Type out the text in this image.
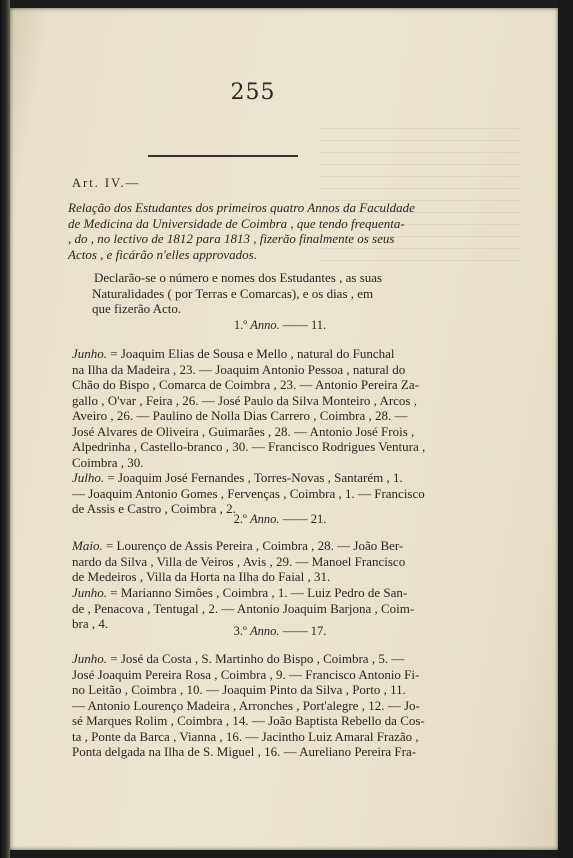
255
Art. IV.—
Relação dos Estudantes dos primeiros quatro Annos da Faculdade
de Medicina da Universidade de Coimbra , que tendo frequenta-
, do , no lectivo de 1812 para 1813 , fizerão finalmente os seus
Actos , e ficárão n'elles approvados.
Declarão-se o número e nomes dos Estudantes , as suas
Naturalidades ( por Terras e Comarcas), e os dias , em
que fizerão Acto.
1.º Anno. —— 11.
Junho. = Joaquim Elias de Sousa e Mello , natural do Funchal
na Ilha da Madeira , 23. — Joaquim Antonio Pessoa , natural do
Chão do Bispo , Comarca de Coimbra , 23. — Antonio Pereira Za-
gallo , O'var , Feira , 26. — José Paulo da Silva Monteiro , Arcos ,
Aveiro , 26. — Paulino de Nolla Dias Carrero , Coimbra , 28. —
José Alvares de Oliveira , Guimarães , 28. — Antonio José Frois ,
Alpedrinha , Castello-branco , 30. — Francisco Rodrigues Ventura ,
Coimbra , 30.
Julho. = Joaquim José Fernandes , Torres-Novas , Santarém , 1.
— Joaquim Antonio Gomes , Fervenças , Coimbra , 1. — Francisco
de Assis e Castro , Coimbra , 2.
2.º Anno. —— 21.
Maio. = Lourenço de Assis Pereira , Coimbra , 28. — João Ber-
nardo da Silva , Villa de Veiros , Avis , 29. — Manoel Francisco
de Medeiros , Villa da Horta na Ilha do Faial , 31.
Junho. = Marianno Simões , Coimbra , 1. — Luiz Pedro de San-
de , Penacova , Tentugal , 2. — Antonio Joaquim Barjona , Coim-
bra , 4.	3.º Anno. —— 17.
Junho. = José da Costa , S. Martinho do Bispo , Coimbra , 5. —
José Joaquim Pereira Rosa , Coimbra , 9. — Francisco Antonio Fi-
no Leitão , Coimbra , 10. — Joaquim Pinto da Silva , Porto , 11.
— Antonio Lourenço Madeira , Arronches , Port'alegre , 12. — Jo-
sé Marques Rolim , Coimbra , 14. — João Baptista Rebello da Cos-
ta , Ponte da Barca , Vianna , 16. — Jacintho Luiz Amaral Frazão ,
Ponta delgada na Ilha de S. Miguel , 16. — Aureliano Pereira Fra-
